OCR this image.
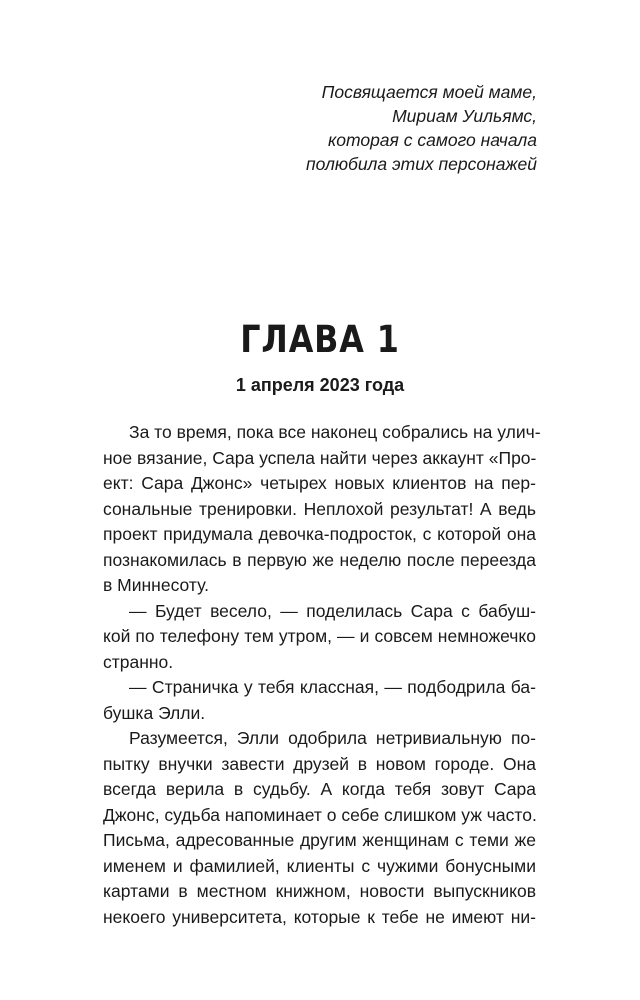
Посвящается моей маме,
Мириам Уильямс,
которая с самого начала
полюбила этих персонажей
ГЛАВА 1
1 апреля 2023 года
За то время, пока все наконец собрались на улич-
ное вязание, Сара успела найти через аккаунт «Про-
ект: Сара Джонс» четырех новых клиентов на пер-
сональные тренировки. Неплохой результат! А ведь
проект придумала девочка-подросток, с которой она
познакомилась в первую же неделю после переезда
в Миннесоту.
— Будет весело, — поделилась Сара с бабуш-
кой по телефону тем утром, — и совсем немножечко
странно.
— Страничка у тебя классная, — подбодрила ба-
бушка Элли.
Разумеется, Элли одобрила нетривиальную по-
пытку внучки завести друзей в новом городе. Она
всегда верила в судьбу. А когда тебя зовут Сара
Джонс, судьба напоминает о себе слишком уж часто.
Письма, адресованные другим женщинам с теми же
именем и фамилией, клиенты с чужими бонусными
картами в местном книжном, новости выпускников
некоего университета, которые к тебе не имеют ни-
